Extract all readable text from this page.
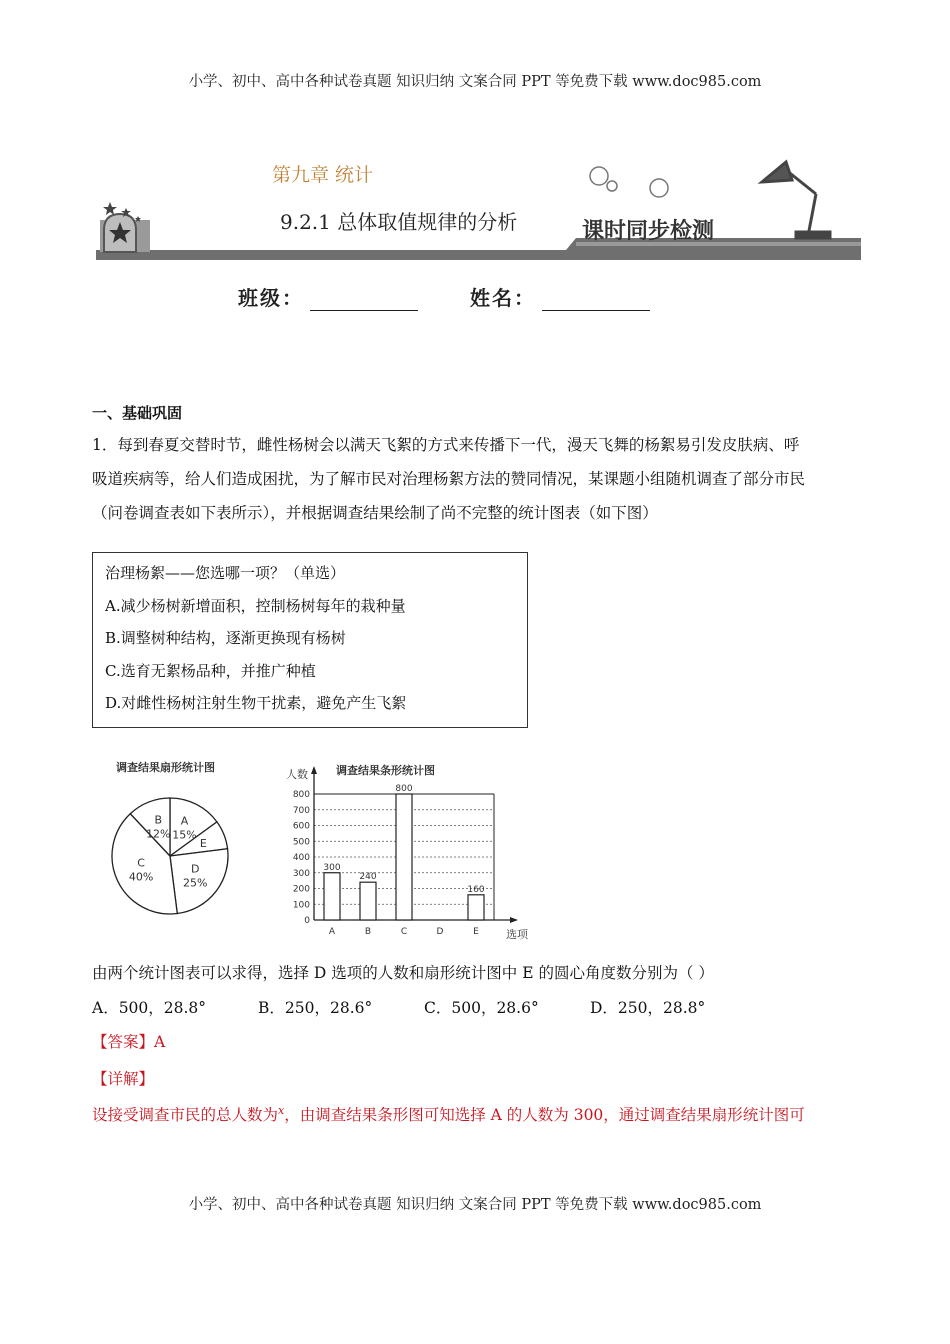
小学、初中、高中各种试卷真题 知识归纳 文案合同 PPT 等免费下载 www.doc985.com
课时同步检测
第九章 统计
9.2.1 总体取值规律的分析
班级：	姓名：
一、基础巩固
1．每到春夏交替时节，雌性杨树会以满天飞絮的方式来传播下一代，漫天飞舞的杨絮易引发皮肤病、呼
吸道疾病等，给人们造成困扰，为了解市民对治理杨絮方法的赞同情况，某课题小组随机调查了部分市民
（问卷调查表如下表所示），并根据调查结果绘制了尚不完整的统计图表（如下图）
治理杨絮——您选哪一项？（单选）
A.减少杨树新增面积，控制杨树每年的栽种量
B.调整树种结构，逐渐更换现有杨树
C.选育无絮杨品种，并推广种植
D.对雌性杨树注射生物干扰素，避免产生飞絮
调查结果扇形统计图
A
15%
E
D
25%
C
40%
B
12%
调查结果条形统计图
人数
选项
0
100
200
300
400
500
600
700
800
300
A
240
B
800
C	D
160
E
由两个统计图表可以求得，选择 D 选项的人数和扇形统计图中 E 的圆心角度数分别为（ ）
A．500，28.8°	B．250，28.6°	C．500，28.6°	D．250，28.8°
【答案】A
【详解】
设接受调查市民的总人数为$^x$，由调查结果条形图可知选择 A 的人数为 300，通过调查结果扇形统计图可
小学、初中、高中各种试卷真题 知识归纳 文案合同 PPT 等免费下载 www.doc985.com
